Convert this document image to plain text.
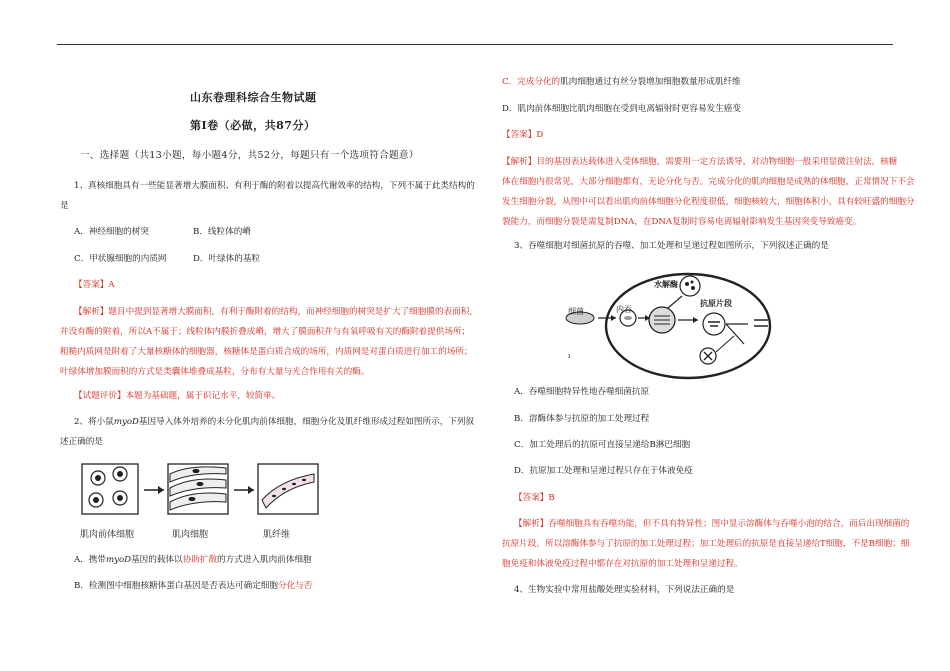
山东卷理科综合生物试题
第Ⅰ卷（必做，共87分）
一、选择题（共13小题，每小题4分，共52分，每题只有一个选项符合题意）
1、真核细胞具有一些能显著增大膜面积、有利于酶的附着以提高代谢效率的结构，下列不属于此类结构的
是
A．神经细胞的树突	B．线粒体的嵴
C．甲状腺细胞的内质网	D．叶绿体的基粒
【答案】A
【解析】题目中提到显著增大膜面积，有利于酶附着的结构，而神经细胞的树突是扩大了细胞膜的表面积，
并没有酶的附着，所以A不属于；线粒体内膜折叠成嵴，增大了膜面积并与有氧呼吸有关的酶附着提供场所；
粗糙内质网是附着了大量核糖体的细胞器，核糖体是蛋白质合成的场所，内质网是对蛋白质进行加工的场所；
叶绿体增加膜面积的方式是类囊体堆叠成基粒，分布有大量与光合作用有关的酶。
【试题评价】本题为基础题，属于识记水平，较简单。
2、将小鼠myoD基因导入体外培养的未分化肌肉前体细胞，细胞分化及肌纤维形成过程如图所示，下列叙
述正确的是
肌肉前体细胞	肌肉细胞	肌纤维
A．携带myoD基因的载体以协助扩散的方式进入肌肉前体细胞
B．检测图中细胞核糖体蛋白基因是否表达可确定细胞分化与否
C．完成分化的肌肉细胞通过有丝分裂增加细胞数量形成肌纤维
D．肌肉前体细胞比肌肉细胞在受到电离辐射时更容易发生癌变
【答案】D
【解析】目的基因表达载体进入受体细胞，需要用一定方法诱导，对动物细胞一般采用显微注射法，核糖
体在细胞内很常见，大部分细胞都有，无论分化与否。完成分化的肌肉细胞是成熟的体细胞，正常情况下不会
发生细胞分裂，从图中可以看出肌肉前体细胞分化程度很低，细胞核较大，细胞体积小，具有较旺盛的细胞分
裂能力，而细胞分裂是需复制DNA，在DNA复制时容易电离辐射影响发生基因突变导致癌变。
3、吞噬细胞对细菌抗原的吞噬、加工处理和呈递过程如图所示，下列叙述正确的是
细菌	内吞
水解酶
抗原片段
ı
A．吞噬细胞特异性地吞噬细菌抗原
B．溶酶体参与抗原的加工处理过程
C．加工处理后的抗原可直接呈递给B淋巴细胞
D．抗原加工处理和呈递过程只存在于体液免疫
【答案】B
【解析】吞噬细胞具有吞噬功能，但不具有特异性；图中显示溶酶体与吞噬小泡的结合，而后出现细菌的
抗原片段，所以溶酶体参与了抗原的加工处理过程；加工处理后的抗原是直接呈递给T细胞，不是B细胞；细
胞免疫和体液免疫过程中都存在对抗原的加工处理和呈递过程。
4、生物实验中常用盐酸处理实验材料，下列说法正确的是
